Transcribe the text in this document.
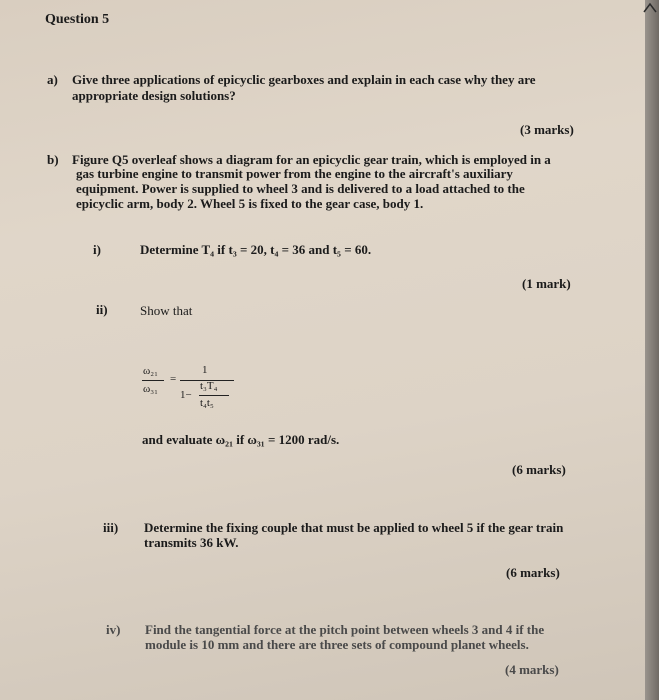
Question 5

a) Give three applications of epicyclic gearboxes and explain in each case why they are

appropriate design solutions?

(3 marks)

b) Figure Q5 overleaf shows a diagram for an epicyclic gear train, which is employed in a

gas turbine engine to transmit power from the engine to the aircraft's auxiliary

equipment. Power is supplied to wheel 3 and is delivered to a load attached to the

epicyclic arm, body 2. Wheel 5 is fixed to the gear case, body 1.

i)	Determine T₄ if t₃ = 20, t₄ = 36 and t₅ = 60.

(1 mark)

ii) Show that

ω₂₁
ω₃₁
=
1
1−
t₃T₄
t₄t₅

and evaluate ω₂₁ if ω₃₁ = 1200 rad/s.

(6 marks)

iii) Determine the fixing couple that must be applied to wheel 5 if the gear train

transmits 36 kW.

(6 marks)

iv) Find the tangential force at the pitch point between wheels 3 and 4 if the

module is 10 mm and there are three sets of compound planet wheels.

(4 marks)
